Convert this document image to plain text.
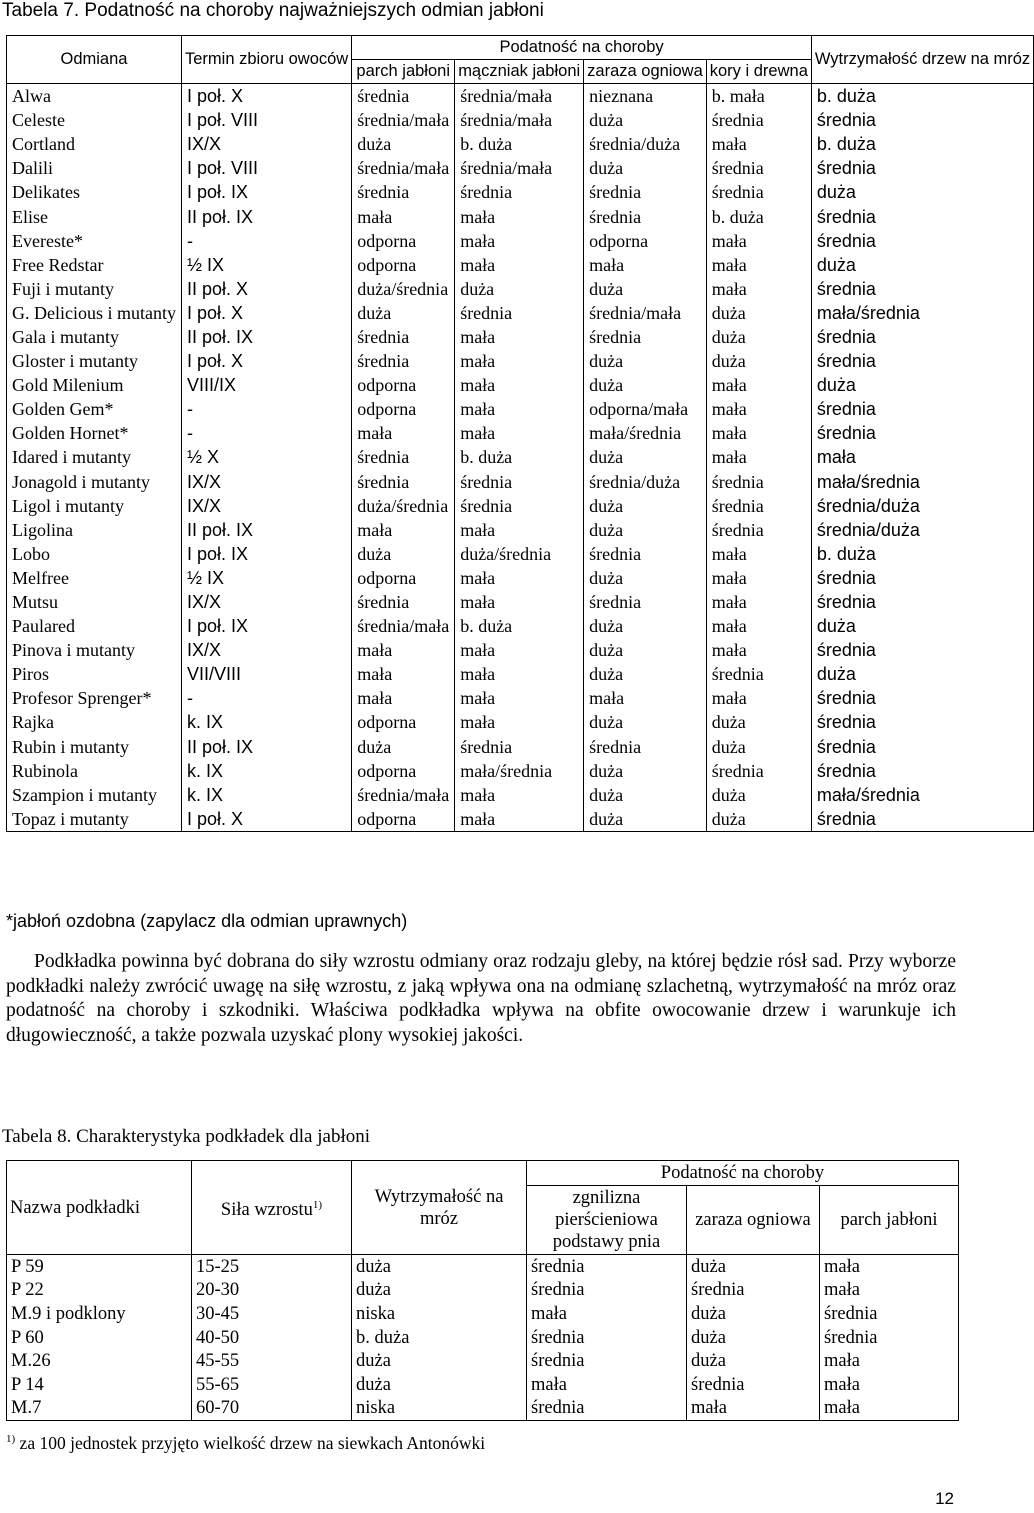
Tabela 7. Podatność na choroby najważniejszych odmian jabłoni
Odmiana	Termin zbioru owoców	Podatność na choroby				Wytrzymałość drzew na mróz
		parch jabłoni	mączniak jabłoni	zaraza ogniowa	kory i drewna	
Alwa	I poł. X	średnia	średnia/mała	nieznana	b. mała	b. duża
Celeste	I poł. VIII	średnia/mała	średnia/mała	duża	średnia	średnia
Cortland	IX/X	duża	b. duża	średnia/duża	mała	b. duża
Dalili	I poł. VIII	średnia/mała	średnia/mała	duża	średnia	średnia
Delikates	I poł. IX	średnia	średnia	średnia	średnia	duża
Elise	II poł. IX	mała	mała	średnia	b. duża	średnia
Evereste*	-	odporna	mała	odporna	mała	średnia
Free Redstar	½ IX	odporna	mała	mała	mała	duża
Fuji i mutanty	II poł. X	duża/średnia	duża	duża	mała	średnia
G. Delicious i mutanty	I poł. X	duża	średnia	średnia/mała	duża	mała/średnia
Gala i mutanty	II poł. IX	średnia	mała	średnia	duża	średnia
Gloster i mutanty	I poł. X	średnia	mała	duża	duża	średnia
Gold Milenium	VIII/IX	odporna	mała	duża	mała	duża
Golden Gem*	-	odporna	mała	odporna/mała	mała	średnia
Golden Hornet*	-	mała	mała	mała/średnia	mała	średnia
Idared i mutanty	½ X	średnia	b. duża	duża	mała	mała
Jonagold i mutanty	IX/X	średnia	średnia	średnia/duża	średnia	mała/średnia
Ligol i mutanty	IX/X	duża/średnia	średnia	duża	średnia	średnia/duża
Ligolina	II poł. IX	mała	mała	duża	średnia	średnia/duża
Lobo	I poł. IX	duża	duża/średnia	średnia	mała	b. duża
Melfree	½ IX	odporna	mała	duża	mała	średnia
Mutsu	IX/X	średnia	mała	średnia	mała	średnia
Paulared	I poł. IX	średnia/mała	b. duża	duża	mała	duża
Pinova i mutanty	IX/X	mała	mała	duża	mała	średnia
Piros	VII/VIII	mała	mała	duża	średnia	duża
Profesor Sprenger*	-	mała	mała	mała	mała	średnia
Rajka	k. IX	odporna	mała	duża	duża	średnia
Rubin i mutanty	II poł. IX	duża	średnia	średnia	duża	średnia
Rubinola	k. IX	odporna	mała/średnia	duża	średnia	średnia
Szampion i mutanty	k. IX	średnia/mała	mała	duża	duża	mała/średnia
Topaz i mutanty	I poł. X	odporna	mała	duża	duża	średnia
*jabłoń ozdobna (zapylacz dla odmian uprawnych)
Podkładka powinna być dobrana do siły wzrostu odmiany oraz rodzaju gleby, na której będzie rósł sad. Przy wyborze podkładki należy zwrócić uwagę na siłę wzrostu, z jaką wpływa ona na odmianę szlachetną, wytrzymałość na mróz oraz podatność na choroby i szkodniki. Właściwa podkładka wpływa na obfite owocowanie drzew i warunkuje ich długowieczność, a także pozwala uzyskać plony wysokiej jakości.
Tabela 8. Charakterystyka podkładek dla jabłoni
Nazwa podkładki	Siła wzrostu$^{1)}$	Wytrzymałość na mróz	Podatność na choroby		
			zgnilizna pierścieniowa podstawy pnia	zaraza ogniowa	parch jabłoni
P 59	15-25	duża	średnia	duża	mała
P 22	20-30	duża	średnia	średnia	mała
M.9 i podklony	30-45	niska	mała	duża	średnia
P 60	40-50	b. duża	średnia	duża	średnia
M.26	45-55	duża	średnia	duża	mała
P 14	55-65	duża	mała	średnia	mała
M.7	60-70	niska	średnia	mała	mała
$^{1)}$ za 100 jednostek przyjęto wielkość drzew na siewkach Antonówki
12
